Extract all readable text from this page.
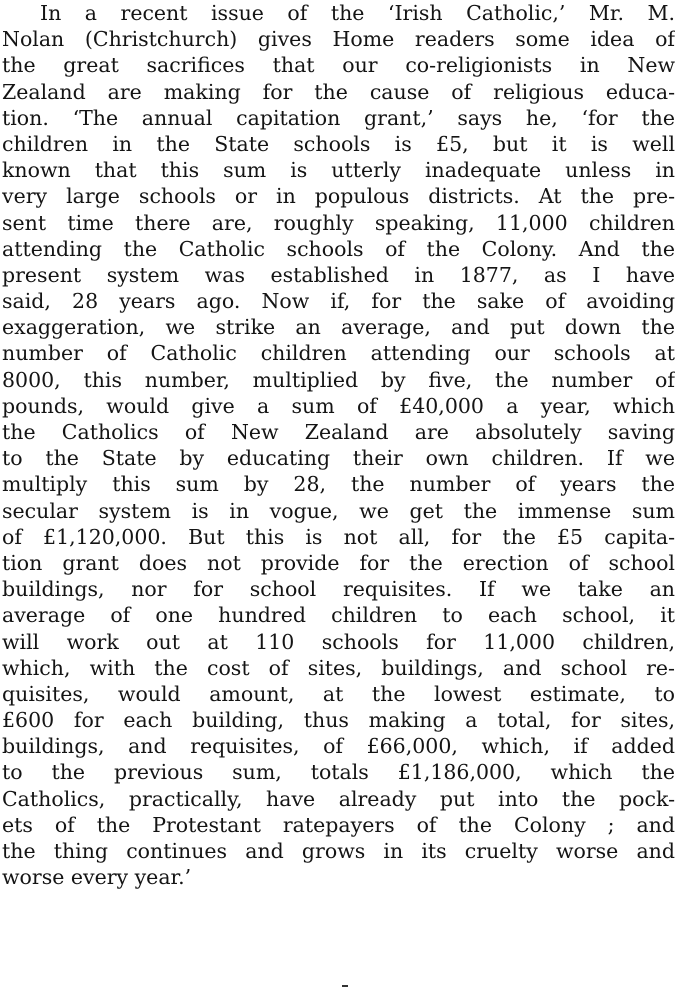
In a recent issue of the ‘Irish Catholic,’ Mr. M.
Nolan (Christchurch) gives Home readers some idea of
the great sacrifices that our co-religionists in New
Zealand are making for the cause of religious educa-
tion. ‘The annual capitation grant,’ says he, ‘for the
children in the State schools is £5, but it is well
known that this sum is utterly inadequate unless in
very large schools or in populous districts. At the pre-
sent time there are, roughly speaking, 11,000 children
attending the Catholic schools of the Colony. And the
present system was established in 1877, as I have
said, 28 years ago. Now if, for the sake of avoiding
exaggeration, we strike an average, and put down the
number of Catholic children attending our schools at
8000, this number, multiplied by five, the number of
pounds, would give a sum of £40,000 a year, which
the Catholics of New Zealand are absolutely saving
to the State by educating their own children. If we
multiply this sum by 28, the number of years the
secular system is in vogue, we get the immense sum
of £1,120,000. But this is not all, for the £5 capita-
tion grant does not provide for the erection of school
buildings, nor for school requisites. If we take an
average of one hundred children to each school, it
will work out at 110 schools for 11,000 children,
which, with the cost of sites, buildings, and school re-
quisites, would amount, at the lowest estimate, to
£600 for each building, thus making a total, for sites,
buildings, and requisites, of £66,000, which, if added
to the previous sum, totals £1,186,000, which the
Catholics, practically, have already put into the pock-
ets of the Protestant ratepayers of the Colony ; and
the thing continues and grows in its cruelty worse and
worse every year.’
